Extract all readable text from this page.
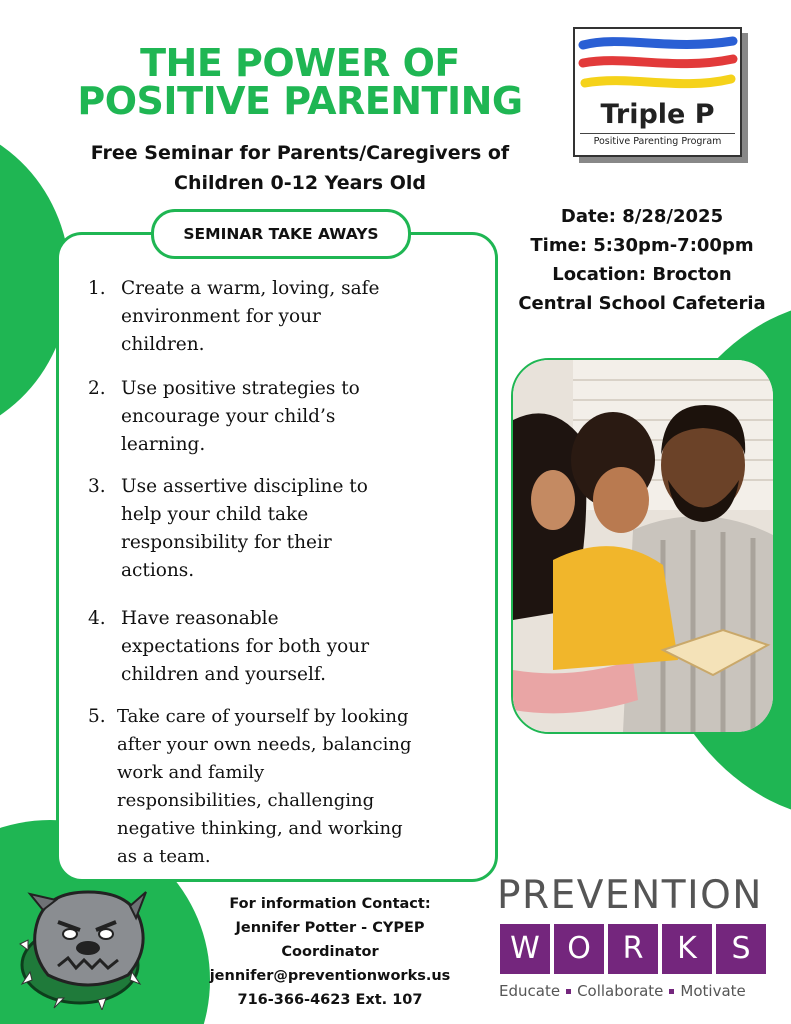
THE POWER OF
POSITIVE PARENTING	Triple P
Positive Parenting Program
Free Seminar for Parents/Caregivers of
Children 0-12 Years Old
SEMINAR TAKE AWAYS
1. Create a warm, loving, safe
environment for your
children.
2. Use positive strategies to
encourage your child’s
learning.
3. Use assertive discipline to
help your child take
responsibility for their
actions.
4. Have reasonable
expectations for both your
children and yourself.
5. Take care of yourself by looking
after your own needs, balancing
work and family
responsibilities, challenging
negative thinking, and working
as a team.
Date: 8/28/2025
Time: 5:30pm-7:00pm
Location: Brocton
Central School Cafeteria
For information Contact:
Jennifer Potter - CYPEP
Coordinator
jennifer@preventionworks.us
716-366-4623 Ext. 107
PREVENTION
W O	R	K	S
Educate Collaborate Motivate
